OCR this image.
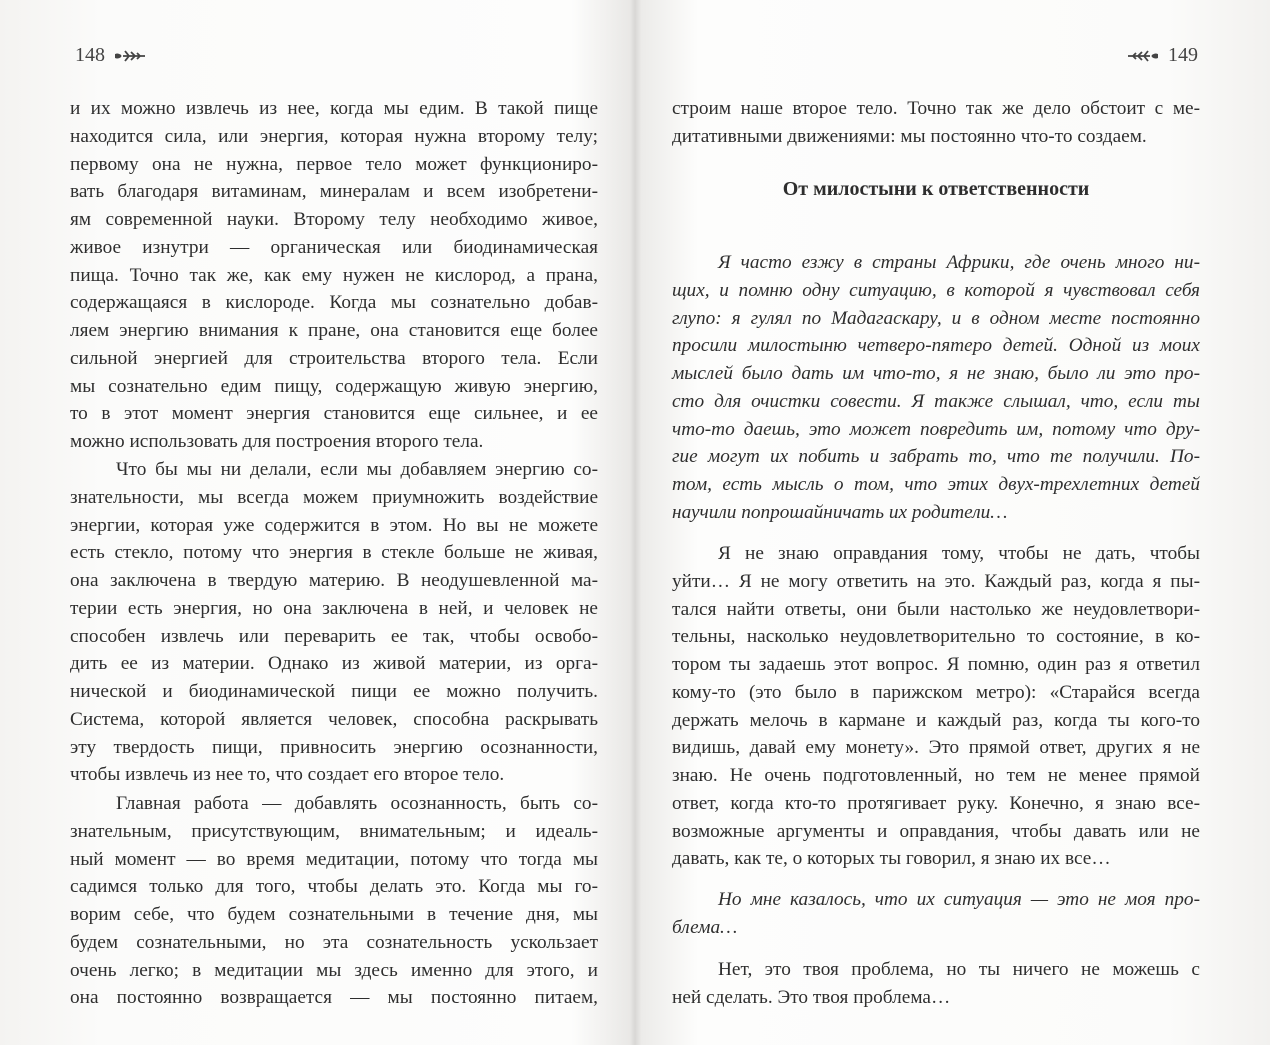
148	149
От милостыни к ответственности
и их можно извлечь из нее, когда мы едим. В такой пище
находится сила, или энергия, которая нужна второму телу;
первому она не нужна, первое тело может функциониро-
вать благодаря витаминам, минералам и всем изобретени-
ям современной науки. Второму телу необходимо живое,
живое изнутри — органическая или биодинамическая
пища. Точно так же, как ему нужен не кислород, а прана,
содержащаяся в кислороде. Когда мы сознательно добав-
ляем энергию внимания к пране, она становится еще более
сильной энергией для строительства второго тела. Если
мы сознательно едим пищу, содержащую живую энергию,
то в этот момент энергия становится еще сильнее, и ее
можно использовать для построения второго тела.
Что бы мы ни делали, если мы добавляем энергию со-
знательности, мы всегда можем приумножить воздействие
энергии, которая уже содержится в этом. Но вы не можете
есть стекло, потому что энергия в стекле больше не живая,
она заключена в твердую материю. В неодушевленной ма-
терии есть энергия, но она заключена в ней, и человек не
способен извлечь или переварить ее так, чтобы освобо-
дить ее из материи. Однако из живой материи, из орга-
нической и биодинамической пищи ее можно получить.
Система, которой является человек, способна раскрывать
эту твердость пищи, привносить энергию осознанности,
чтобы извлечь из нее то, что создает его второе тело.
Главная работа — добавлять осознанность, быть со-
знательным, присутствующим, внимательным; и идеаль-
ный момент — во время медитации, потому что тогда мы
садимся только для того, чтобы делать это. Когда мы го-
ворим себе, что будем сознательными в течение дня, мы
будем сознательными, но эта сознательность ускользает
очень легко; в медитации мы здесь именно для этого, и
она постоянно возвращается — мы постоянно питаем,
строим наше второе тело. Точно так же дело обстоит с ме-
дитативными движениями: мы постоянно что-то создаем.
Я часто езжу в страны Африки, где очень много ни-
щих, и помню одну ситуацию, в которой я чувствовал себя
глупо: я гулял по Мадагаскару, и в одном месте постоянно
просили милостыню четверо-пятеро детей. Одной из моих
мыслей было дать им что-то, я не знаю, было ли это про-
сто для очистки совести. Я также слышал, что, если ты
что-то даешь, это может повредить им, потому что дру-
гие могут их побить и забрать то, что те получили. По-
том, есть мысль о том, что этих двух-трехлетних детей
научили попрошайничать их родители…
Я не знаю оправдания тому, чтобы не дать, чтобы
уйти… Я не могу ответить на это. Каждый раз, когда я пы-
тался найти ответы, они были настолько же неудовлетвори-
тельны, насколько неудовлетворительно то состояние, в ко-
тором ты задаешь этот вопрос. Я помню, один раз я ответил
кому-то (это было в парижском метро): «Старайся всегда
держать мелочь в кармане и каждый раз, когда ты кого-то
видишь, давай ему монету». Это прямой ответ, других я не
знаю. Не очень подготовленный, но тем не менее прямой
ответ, когда кто-то протягивает руку. Конечно, я знаю все-
возможные аргументы и оправдания, чтобы давать или не
давать, как те, о которых ты говорил, я знаю их все…
Но мне казалось, что их ситуация — это не моя про-
блема…
Нет, это твоя проблема, но ты ничего не можешь с
ней сделать. Это твоя проблема…
